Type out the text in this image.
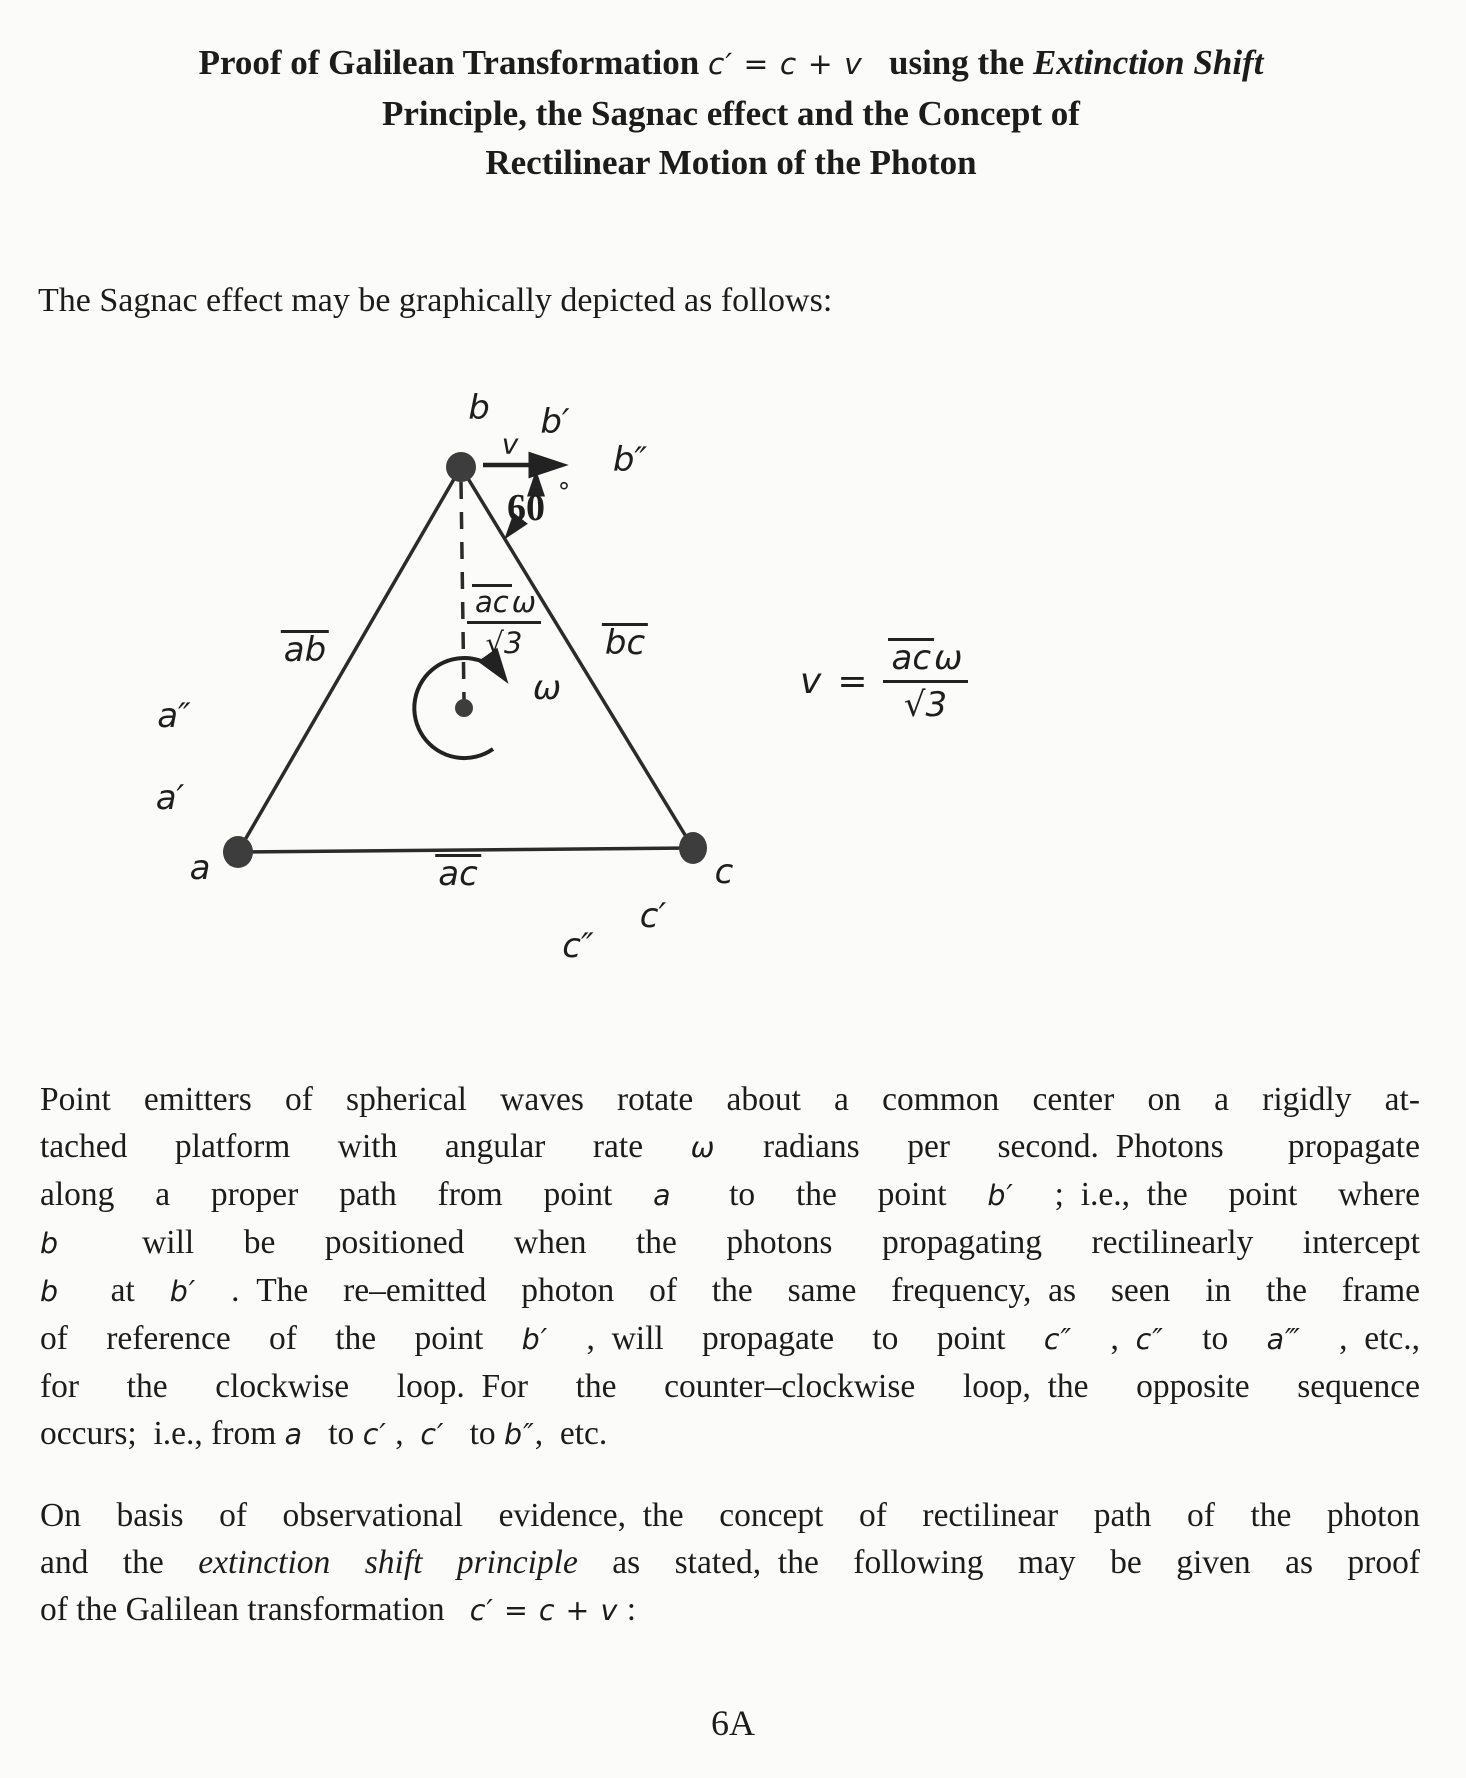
Proof of Galilean Transformation c′ = c + v  using the Extinction Shift
Principle, the Sagnac effect and the Concept of
Rectilinear Motion of the Photon
The Sagnac effect may be graphically depicted as follows:
b
v
b′
b″
60 °
ab	bc
ac
$\frac{\text{ac ω}}{√3}$
ω
a″
a′
a	c
c′
c″
$v = \frac{\text{acω}}{√3}$
Point emitters of spherical waves rotate about a common center on a rigidly at-
tached platform with angular rate ω radians per second. Photons  propagate
along a proper path from point a  to the point b′ ; i.e., the point where
b   will be positioned when the photons propagating rectilinearly intercept
b  at b′ . The re–emitted photon of the same frequency, as seen in the frame
of reference of the point b′ , will propagate to point c″ , c″ to a‴ , etc.,
for the clockwise loop. For the counter–clockwise loop, the opposite sequence
occurs; i.e., from a  to c′ , c′  to b″, etc.
On basis of observational evidence, the concept of rectilinear path of the photon
and the extinction shift principle as stated, the following may be given as proof
of the Galilean transformation  c′ = c + v :
6A
